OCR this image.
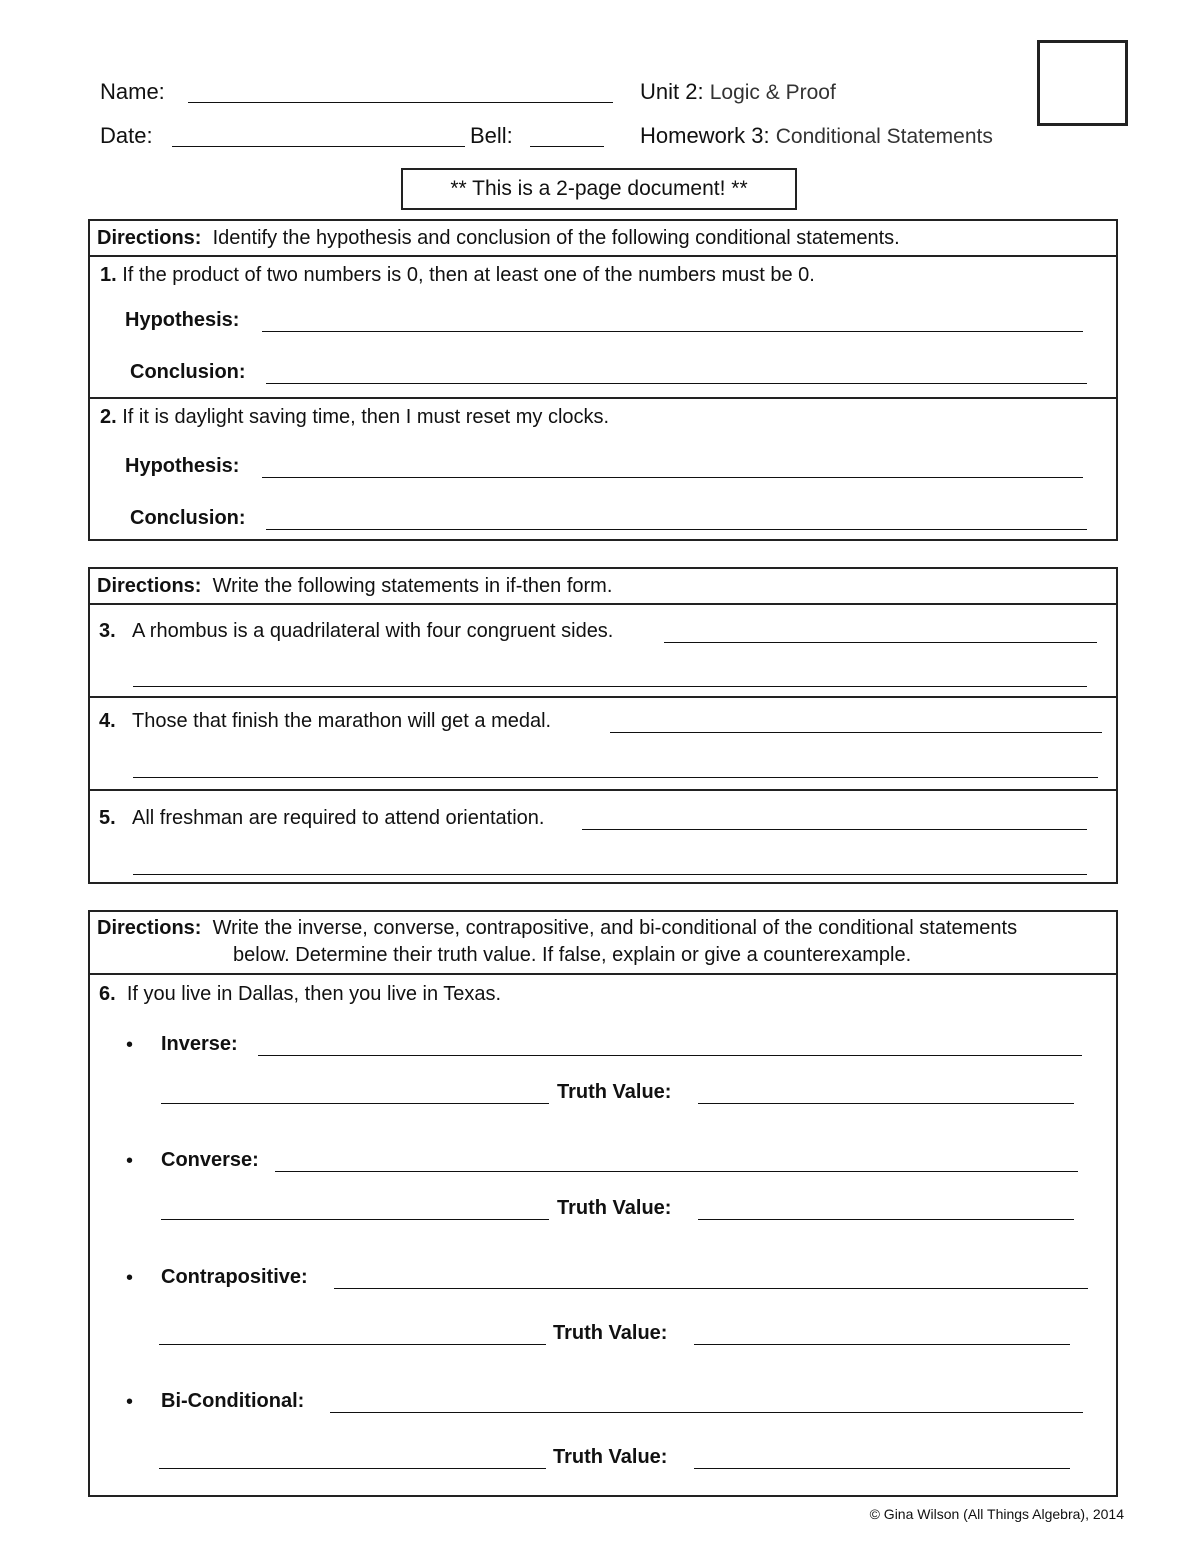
Name:
Date:	Bell:
Unit 2: Logic & Proof
Homework 3: Conditional Statements
** This is a 2-page document! **
Directions: Identify the hypothesis and conclusion of the following conditional statements.
1. If the product of two numbers is 0, then at least one of the numbers must be 0.
Hypothesis:
Conclusion:
2. If it is daylight saving time, then I must reset my clocks.
Hypothesis:
Conclusion:
Directions: Write the following statements in if-then form.
3. A rhombus is a quadrilateral with four congruent sides.
4. Those that finish the marathon will get a medal.
5. All freshman are required to attend orientation.
Directions: Write the inverse, converse, contrapositive, and bi-conditional of the conditional statements
below. Determine their truth value. If false, explain or give a counterexample.
6. If you live in Dallas, then you live in Texas.
• Inverse:
Truth Value:
• Converse:
Truth Value:
• Contrapositive:
Truth Value:
• Bi-Conditional:
Truth Value:
© Gina Wilson (All Things Algebra), 2014
